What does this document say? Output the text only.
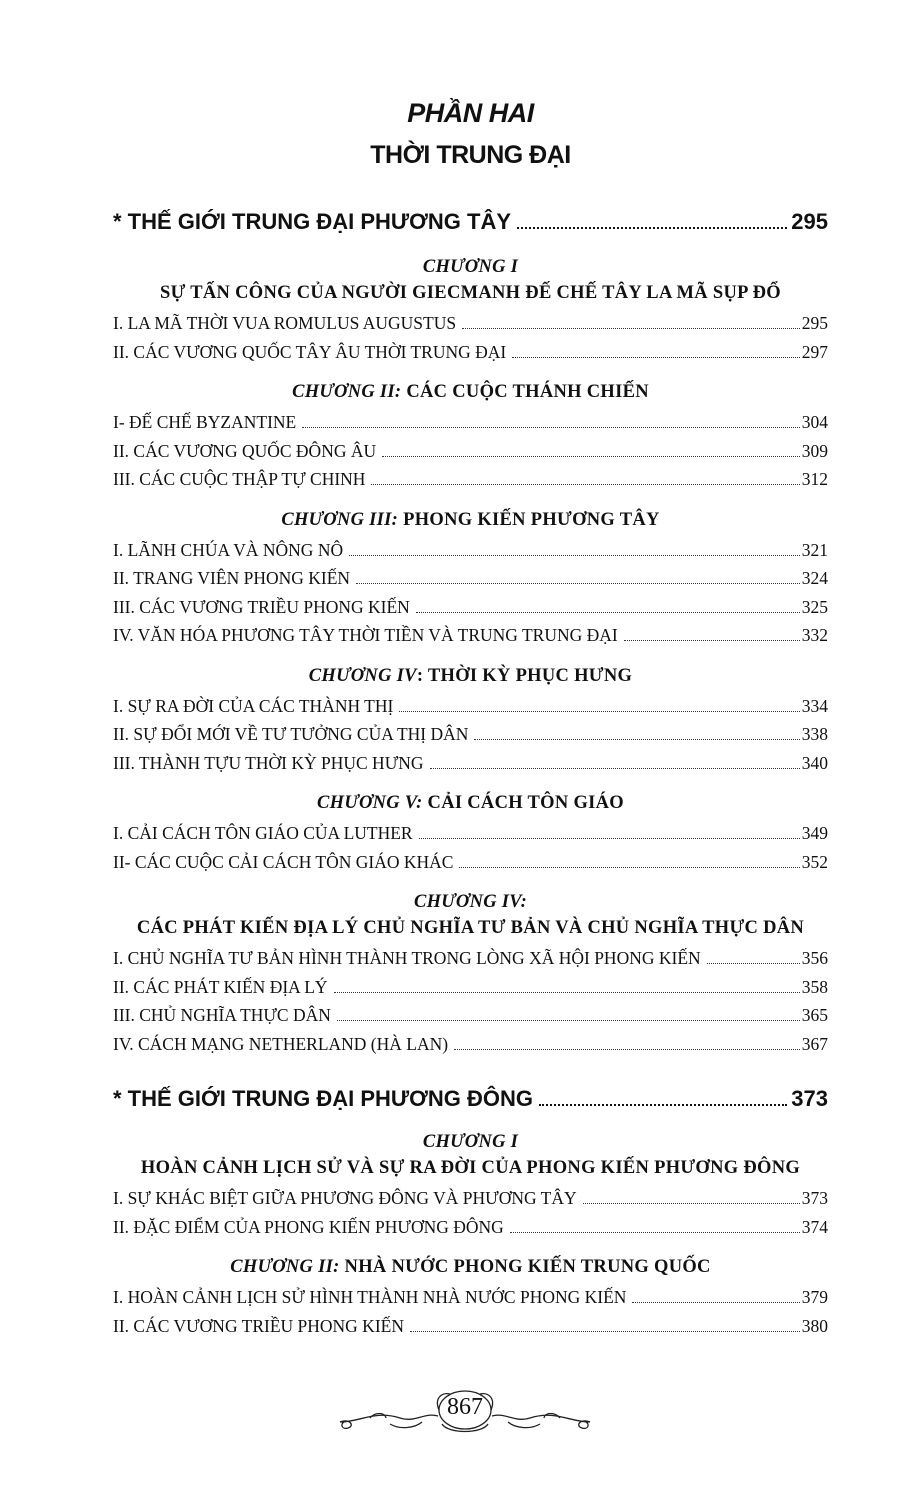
PHẦN HAI
THỜI TRUNG ĐẠI
* THẾ GIỚI TRUNG ĐẠI PHƯƠNG TÂY	295
CHƯƠNG I
SỰ TẤN CÔNG CỦA NGƯỜI GIECMANH ĐẾ CHẾ TÂY LA MÃ SỤP ĐỔ
I. LA MÃ THỜI VUA ROMULUS AUGUSTUS	295
II. CÁC VƯƠNG QUỐC TÂY ÂU THỜI TRUNG ĐẠI	297
CHƯƠNG II: CÁC CUỘC THÁNH CHIẾN
I- ĐẾ CHẾ BYZANTINE	304
II. CÁC VƯƠNG QUỐC ĐÔNG ÂU	309
III. CÁC CUỘC THẬP TỰ CHINH	312
CHƯƠNG III: PHONG KIẾN PHƯƠNG TÂY
I. LÃNH CHÚA VÀ NÔNG NÔ	321
II. TRANG VIÊN PHONG KIẾN	324
III. CÁC VƯƠNG TRIỀU PHONG KIẾN	325
IV. VĂN HÓA PHƯƠNG TÂY THỜI TIỀN VÀ TRUNG TRUNG ĐẠI	332
CHƯƠNG IV: THỜI KỲ PHỤC HƯNG
I. SỰ RA ĐỜI CỦA CÁC THÀNH THỊ	334
II. SỰ ĐỔI MỚI VỀ TƯ TƯỞNG CỦA THỊ DÂN	338
III. THÀNH TỰU THỜI KỲ PHỤC HƯNG	340
CHƯƠNG V: CẢI CÁCH TÔN GIÁO
I. CẢI CÁCH TÔN GIÁO CỦA LUTHER	349
II- CÁC CUỘC CẢI CÁCH TÔN GIÁO KHÁC	352
CHƯƠNG IV:
CÁC PHÁT KIẾN ĐỊA LÝ CHỦ NGHĨA TƯ BẢN VÀ CHỦ NGHĨA THỰC DÂN
I. CHỦ NGHĨA TƯ BẢN HÌNH THÀNH TRONG LÒNG XÃ HỘI PHONG KIẾN	356
II. CÁC PHÁT KIẾN ĐỊA LÝ	358
III. CHỦ NGHĨA THỰC DÂN	365
IV. CÁCH MẠNG NETHERLAND (HÀ LAN)	367
* THẾ GIỚI TRUNG ĐẠI PHƯƠNG ĐÔNG	373
CHƯƠNG I
HOÀN CẢNH LỊCH SỬ VÀ SỰ RA ĐỜI CỦA PHONG KIẾN PHƯƠNG ĐÔNG
I. SỰ KHÁC BIỆT GIỮA PHƯƠNG ĐÔNG VÀ PHƯƠNG TÂY	373
II. ĐẶC ĐIỂM CỦA PHONG KIẾN PHƯƠNG ĐÔNG	374
CHƯƠNG II: NHÀ NƯỚC PHONG KIẾN TRUNG QUỐC
I. HOÀN CẢNH LỊCH SỬ HÌNH THÀNH NHÀ NƯỚC PHONG KIẾN	379
II. CÁC VƯƠNG TRIỀU PHONG KIẾN	380
867
